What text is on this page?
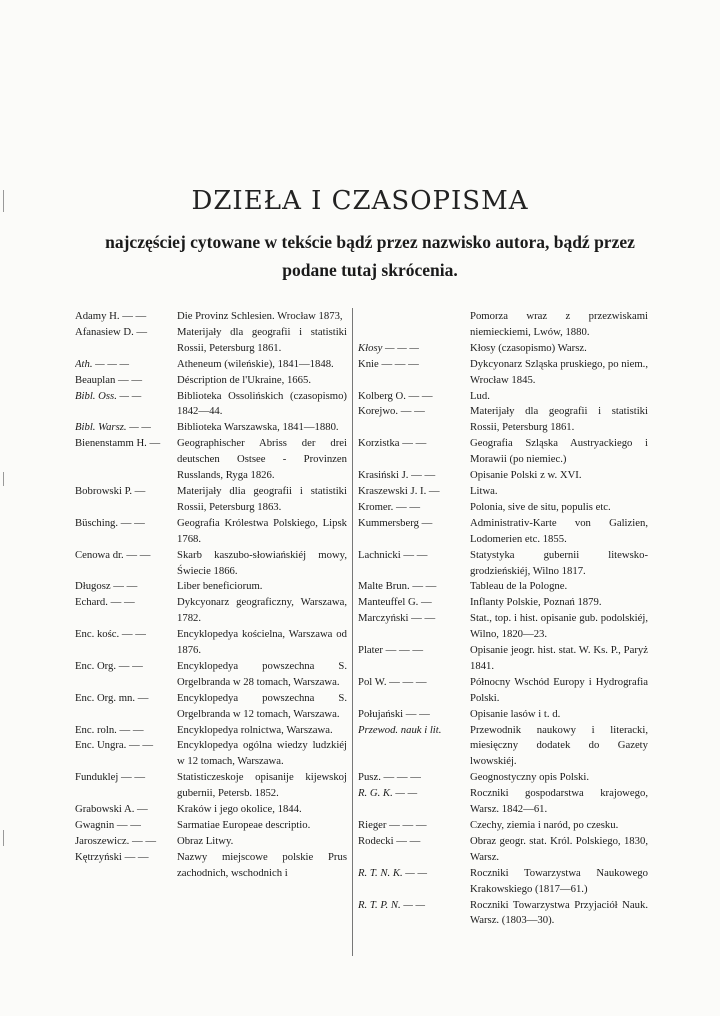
DZIEŁA I CZASOPISMA
najczęściej cytowane w tekście bądź przez nazwisko autora, bądź przez
podane tutaj skrócenia.
Adamy H. — —	Die Provinz Schlesien. Wrocław 1873,
Afanasiew D. —	Materijały dla geografii i statistiki Rossii, Petersburg 1861.
Ath. — — —	Atheneum (wileńskie), 1841—1848.
Beauplan — —	Déscription de l'Ukraine, 1665.
Bibl. Oss. — —	Biblioteka Ossolińskich (czasopismo) 1842—44.
Bibl. Warsz. — —	Biblioteka Warszawska, 1841—1880.
Bienenstamm H. — Geographischer Abriss der drei deutschen Ostsee - Provinzen Russlands, Ryga 1826.
Bobrowski P. —	Materijały dlia geografii i statistiki Rossii, Petersburg 1863.
Büsching. — —	Geografia Królestwa Polskiego, Lipsk 1768.
Cenowa dr. — —	Skarb kaszubo-słowiańskiéj mowy, Świecie 1866.
Długosz — —	Liber beneficiorum.
Echard. — —	Dykcyonarz geograficzny, Warszawa, 1782.
Enc. kośc. — —	Encyklopedya kościelna, Warszawa od 1876.
Enc. Org. — —	Encyklopedya powszechna S. Orgelbranda w 28 tomach, Warszawa.
Enc. Org. mn. —	Encyklopedya powszechna S. Orgelbranda w 12 tomach, Warszawa.
Enc. roln. — —	Encyklopedya rolnictwa, Warszawa.
Enc. Ungra. — —	Encyklopedya ogólna wiedzy ludzkiéj w 12 tomach, Warszawa.
Funduklej — —	Statisticzeskoje opisanije kijewskoj gubernii, Petersb. 1852.
Grabowski A. —	Kraków i jego okolice, 1844.
Gwagnin — —	Sarmatiae Europeae descriptio.
Jaroszewicz. — —	Obraz Litwy.
Kętrzyński — —	Nazwy miejscowe polskie Prus zachodnich, wschodnich i
Pomorza wraz z przezwiskami niemieckiemi, Lwów, 1880.
Kłosy — — —	Kłosy (czasopismo) Warsz.
Knie — — —	Dykcyonarz Szląska pruskiego, po niem., Wrocław 1845.
Kolberg O. — —	Lud.
Korejwo. — —	Materijały dla geografii i statistiki Rossii, Petersburg 1861.
Korzistka — —	Geografia Szląska Austryackiego i Morawii (po niemiec.)
Krasiński J. — —	Opisanie Polski z w. XVI.
Kraszewski J. I. —	Litwa.
Kromer. — —	Polonia, sive de situ, populis etc.
Kummersberg —	Administrativ-Karte von Galizien, Lodomerien etc. 1855.
Lachnicki — —	Statystyka gubernii litewsko-grodzieńskiéj, Wilno 1817.
Malte Brun. — —	Tableau de la Pologne.
Manteuffel G. —	Inflanty Polskie, Poznań 1879.
Marczyński — —	Stat., top. i hist. opisanie gub. podolskiéj, Wilno, 1820—23.
Plater — — —	Opisanie jeogr. hist. stat. W. Ks. P., Paryż 1841.
Pol W. — — —	Północny Wschód Europy i Hydrografia Polski.
Połujański — —	Opisanie lasów i t. d.
Przewod. nauk i lit.	Przewodnik naukowy i literacki, miesięczny dodatek do Gazety lwowskiéj.
Pusz. — — —	Geognostyczny opis Polski.
R. G. K. — —	Roczniki gospodarstwa krajowego, Warsz. 1842—61.
Rieger — — —	Czechy, ziemia i naród, po czesku.
Rodecki — —	Obraz geogr. stat. Król. Polskiego, 1830, Warsz.
R. T. N. K. — —	Roczniki Towarzystwa Naukowego Krakowskiego (1817—61.)
R. T. P. N. — —	Roczniki Towarzystwa Przyjaciół Nauk. Warsz. (1803—30).
